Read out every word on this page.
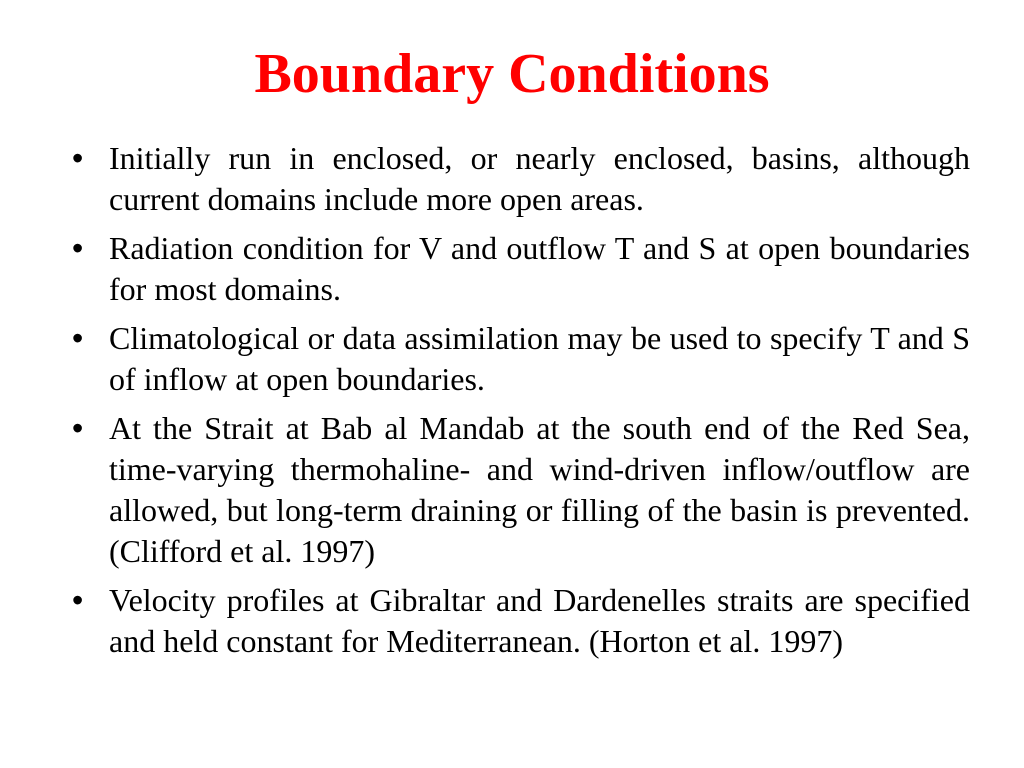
Boundary Conditions
• Initially run in enclosed, or nearly enclosed, basins, although current domains include more open areas.
• Radiation condition for V and outflow T and S at open boundaries for most domains.
• Climatological or data assimilation may be used to specify T and S of inflow at open boundaries.
• At the Strait at Bab al Mandab at the south end of the Red Sea, time-varying thermohaline- and wind-driven inflow/outflow are allowed, but long-term draining or filling of the basin is prevented. (Clifford et al. 1997)
• Velocity profiles at Gibraltar and Dardenelles straits are specified and held constant for Mediterranean. (Horton et al. 1997)
